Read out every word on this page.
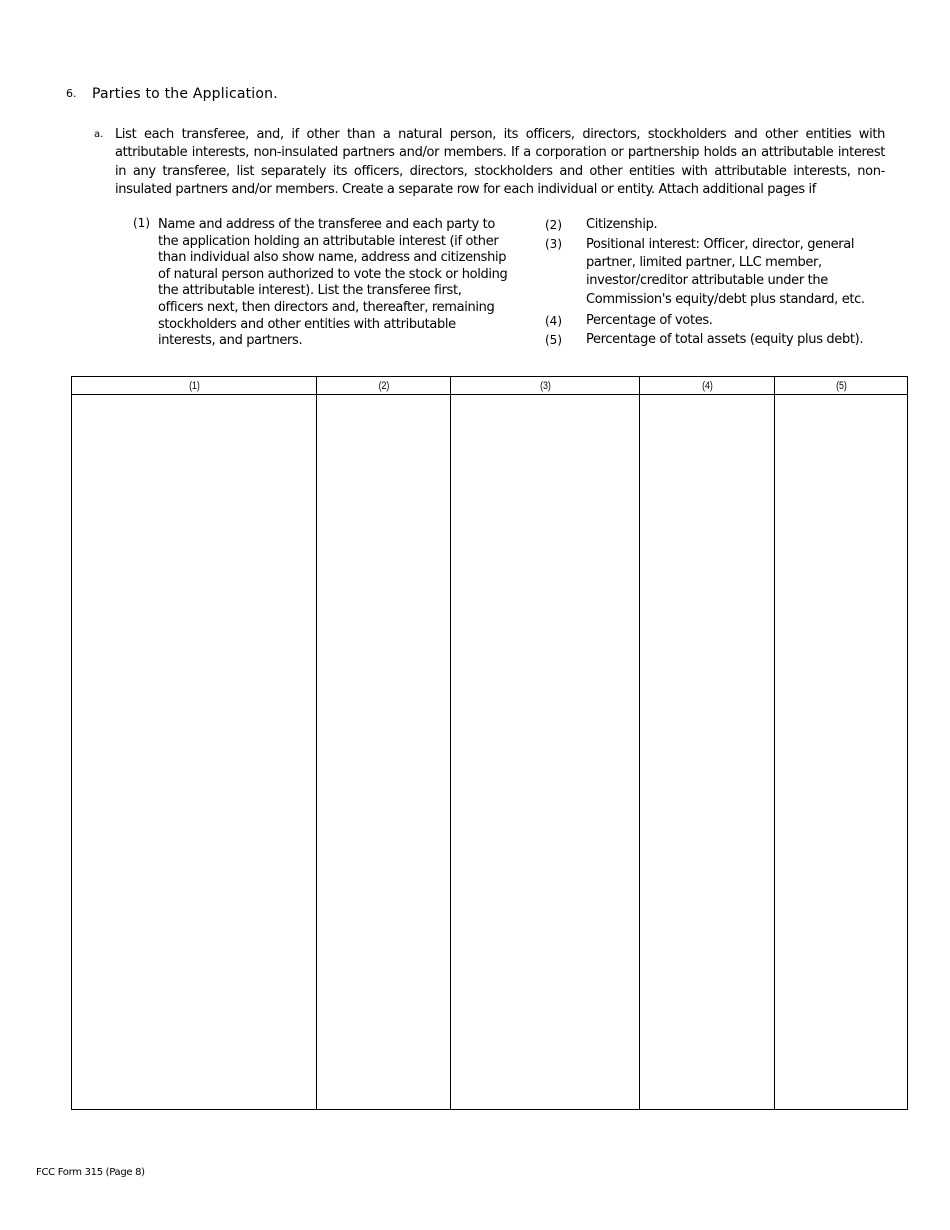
6. Parties to the Application.
a. List each transferee, and, if other than a natural person, its officers, directors, stockholders and other entities with attributable interests, non-insulated partners and/or members. If a corporation or partnership holds an attributable interest in any transferee, list separately its officers, directors, stockholders and other entities with attributable interests, non-insulated partners and/or members. Create a separate row for each individual or entity. Attach additional pages if
(1) Name and address of the transferee and each party to the application holding an attributable interest (if other than individual also show name, address and citizenship of natural person authorized to vote the stock or holding the attributable interest). List the transferee first, officers next, then directors and, thereafter, remaining stockholders and other entities with attributable interests, and partners.
(2) Citizenship.
(3) Positional interest: Officer, director, general partner, limited partner, LLC member, investor/creditor attributable under the Commission's equity/debt plus standard, etc.
(4) Percentage of votes.
(5) Percentage of total assets (equity plus debt).
(1)	(2)	(3)	(4)	(5)

FCC Form 315 (Page 8)
